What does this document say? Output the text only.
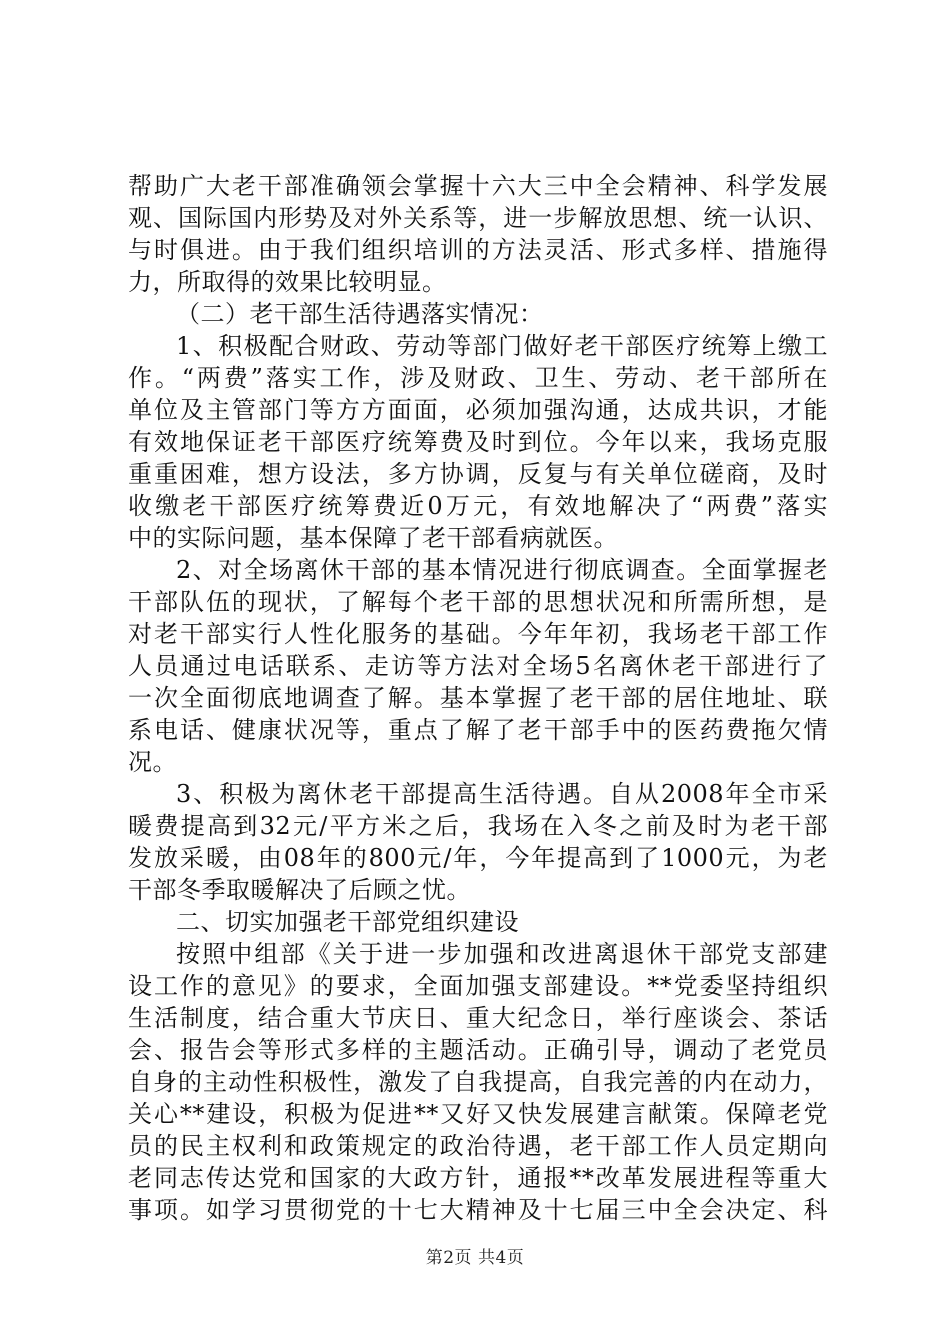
帮助广大老干部准确领会掌握十六大三中全会精神、科学发展
观、国际国内形势及对外关系等，进一步解放思想、统一认识、
与时俱进。由于我们组织培训的方法灵活、形式多样、措施得
力，所取得的效果比较明显。
（二）老干部生活待遇落实情况：
1、积极配合财政、劳动等部门做好老干部医疗统筹上缴工
作。“两费”落实工作，涉及财政、卫生、劳动、老干部所在
单位及主管部门等方方面面，必须加强沟通，达成共识，才能
有效地保证老干部医疗统筹费及时到位。今年以来，我场克服
重重困难，想方设法，多方协调，反复与有关单位磋商，及时
收缴老干部医疗统筹费近0万元，有效地解决了“两费”落实
中的实际问题，基本保障了老干部看病就医。
2、对全场离休干部的基本情况进行彻底调查。全面掌握老
干部队伍的现状，了解每个老干部的思想状况和所需所想，是
对老干部实行人性化服务的基础。今年年初，我场老干部工作
人员通过电话联系、走访等方法对全场5名离休老干部进行了
一次全面彻底地调查了解。基本掌握了老干部的居住地址、联
系电话、健康状况等，重点了解了老干部手中的医药费拖欠情
况。
3、积极为离休老干部提高生活待遇。自从2008年全市采
暖费提高到32元/平方米之后，我场在入冬之前及时为老干部
发放采暖，由08年的800元/年，今年提高到了1000元，为老
干部冬季取暖解决了后顾之忧。
二、切实加强老干部党组织建设
按照中组部《关于进一步加强和改进离退休干部党支部建
设工作的意见》的要求，全面加强支部建设。**党委坚持组织
生活制度，结合重大节庆日、重大纪念日，举行座谈会、茶话
会、报告会等形式多样的主题活动。正确引导，调动了老党员
自身的主动性积极性，激发了自我提高，自我完善的内在动力，
关心**建设，积极为促进**又好又快发展建言献策。保障老党
员的民主权利和政策规定的政治待遇，老干部工作人员定期向
老同志传达党和国家的大政方针，通报**改革发展进程等重大
事项。如学习贯彻党的十七大精神及十七届三中全会决定、科
第2页 共4页
